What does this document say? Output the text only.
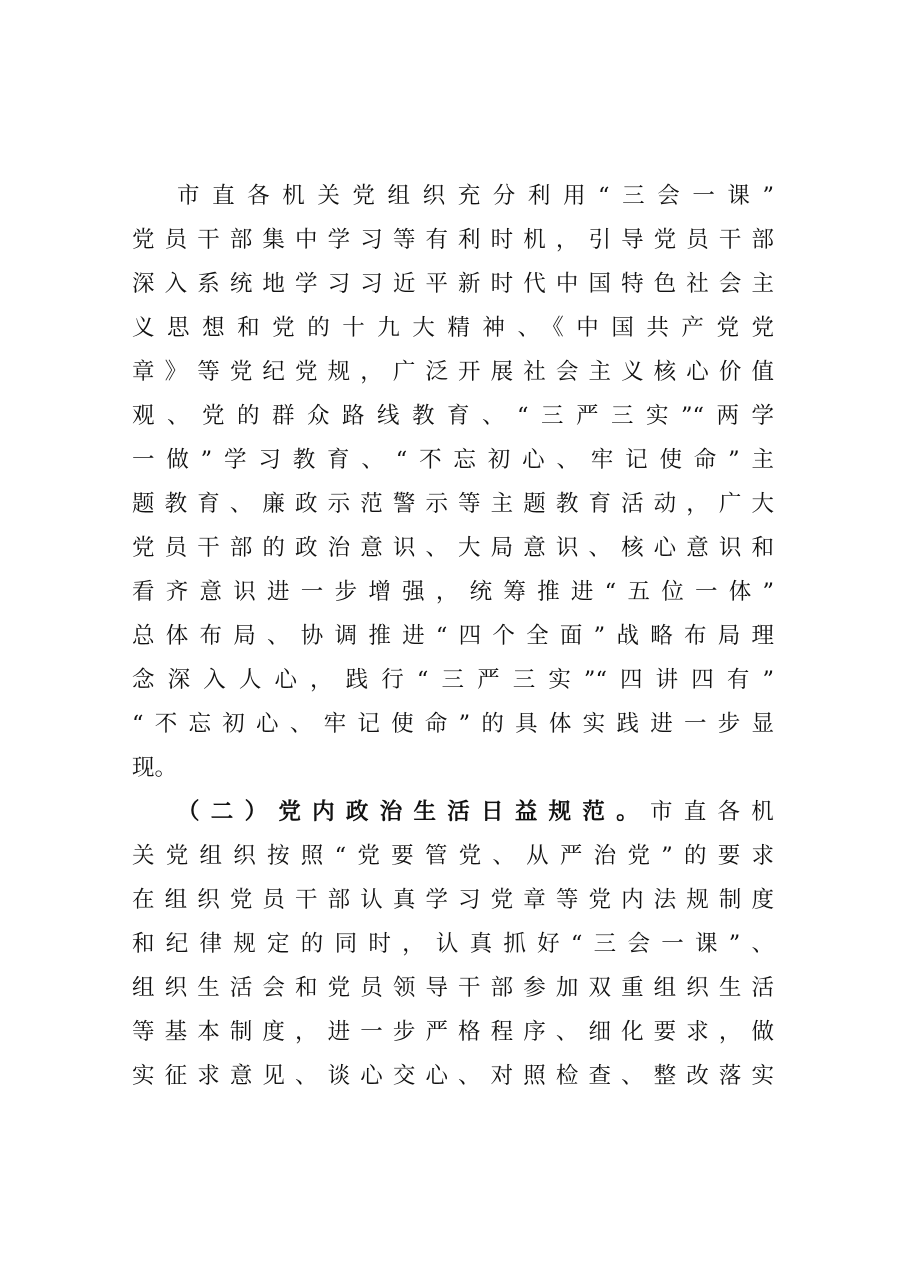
市直各机关党组织充分利用“三会一课”
党员干部集中学习等有利时机，引导党员干部
深入系统地学习习近平新时代中国特色社会主
义思想和党的十九大精神、《中国共产党党
章》等党纪党规，广泛开展社会主义核心价值
观、党的群众路线教育、“三严三实”“两学
一做”学习教育、“不忘初心、牢记使命”主
题教育、廉政示范警示等主题教育活动，广大
党员干部的政治意识、大局意识、核心意识和
看齐意识进一步增强，统筹推进“五位一体”
总体布局、协调推进“四个全面”战略布局理
念深入人心，践行“三严三实”“四讲四有”
“不忘初心、牢记使命”的具体实践进一步显
现。
（ 二 ） 党 内 政 治 生 活 日 益 规 范 。 市 直 各 机
关党组织按照“党要管党、从严治党”的要求
在组织党员干部认真学习党章等党内法规制度
和纪律规定的同时，认真抓好“三会一课”、
组织生活会和党员领导干部参加双重组织生活
等基本制度，进一步严格程序、细化要求，做
实征求意见、谈心交心、对照检查、整改落实
